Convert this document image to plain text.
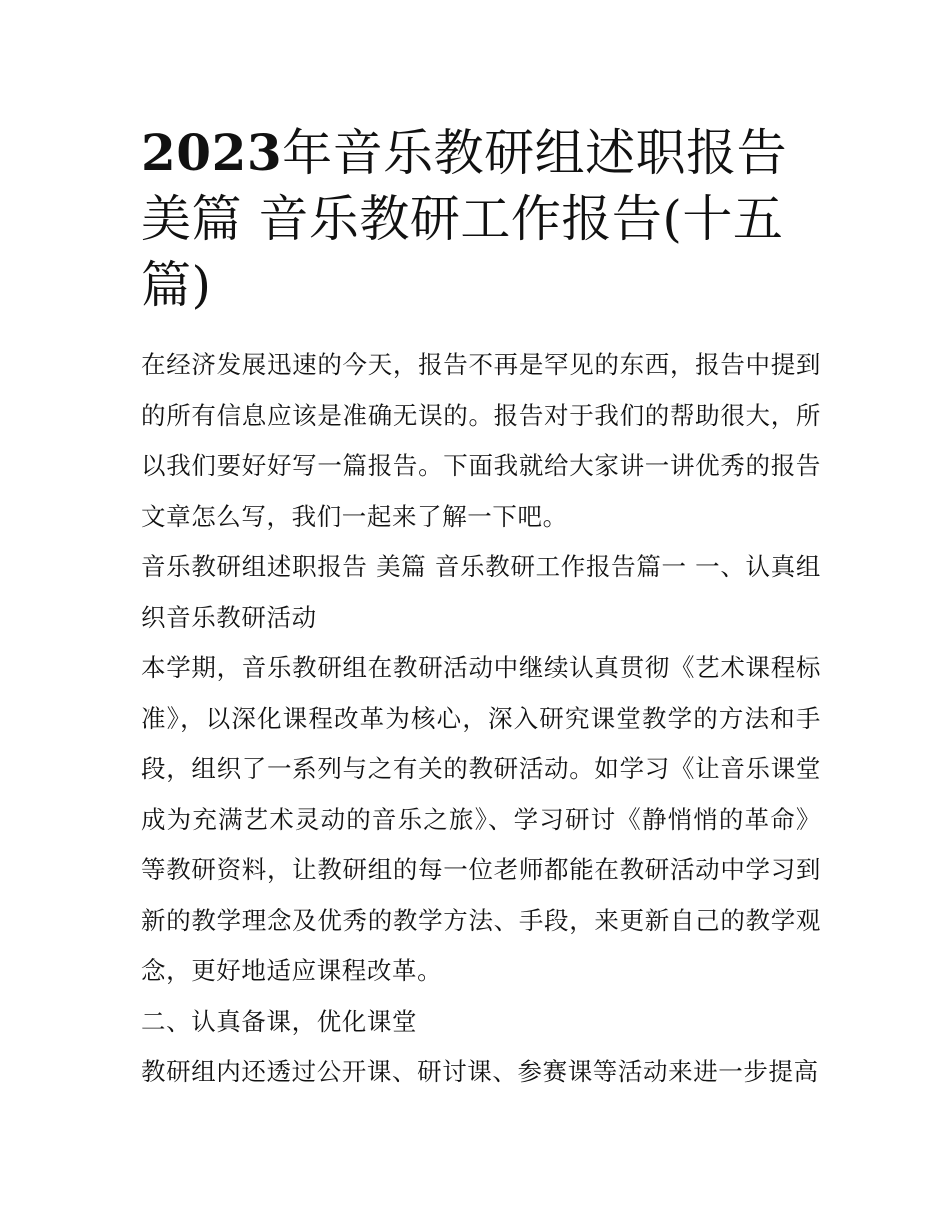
2023年音乐教研组述职报告美篇 音乐教研工作报告(十五篇)

在经济发展迅速的今天，报告不再是罕见的东西，报告中提到的所有信息应该是准确无误的。报告对于我们的帮助很大，所以我们要好好写一篇报告。下面我就给大家讲一讲优秀的报告文章怎么写，我们一起来了解一下吧。

音乐教研组述职报告 美篇 音乐教研工作报告篇一 一、认真组织音乐教研活动

本学期，音乐教研组在教研活动中继续认真贯彻《艺术课程标准》，以深化课程改革为核心，深入研究课堂教学的方法和手段，组织了一系列与之有关的教研活动。如学习《让音乐课堂成为充满艺术灵动的音乐之旅》、学习研讨《静悄悄的革命》等教研资料，让教研组的每一位老师都能在教研活动中学习到新的教学理念及优秀的教学方法、手段，来更新自己的教学观念，更好地适应课程改革。

二、认真备课，优化课堂

教研组内还透过公开课、研讨课、参赛课等活动来进一步提高
